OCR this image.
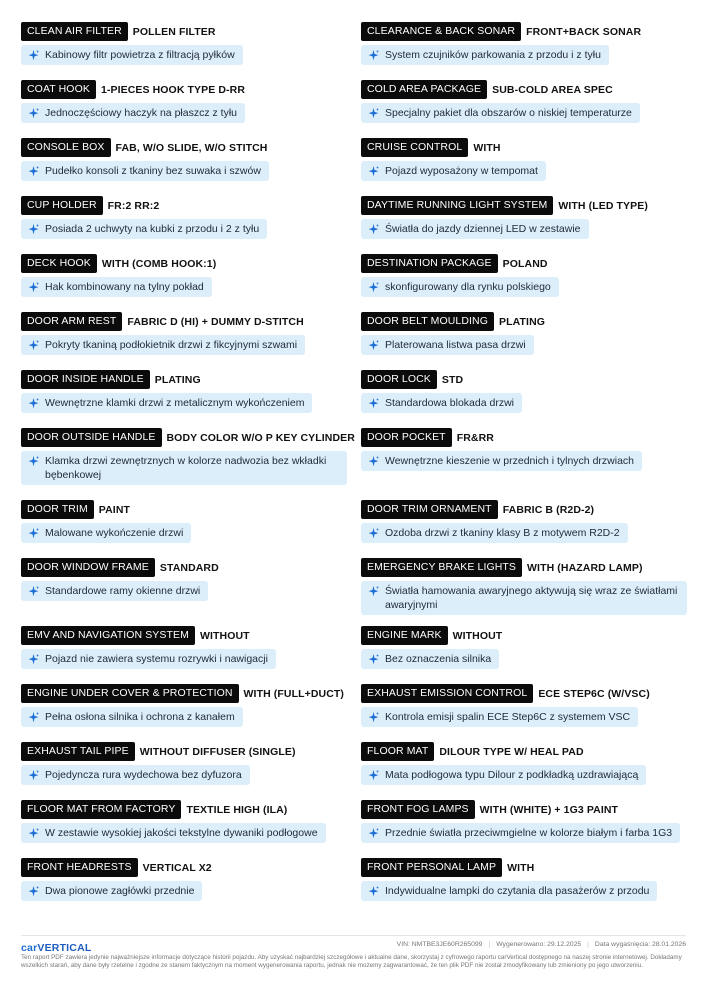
CLEAN AIR FILTER	POLLEN FILTER
Kabinowy filtr powietrza z filtracją pyłków
COAT HOOK	1-PIECES HOOK TYPE D-RR
Jednoczęściowy haczyk na płaszcz z tyłu
CONSOLE BOX	FAB, W/O SLIDE, W/O STITCH
Pudełko konsoli z tkaniny bez suwaka i szwów
CUP HOLDER	FR:2 RR:2
Posiada 2 uchwyty na kubki z przodu i 2 z tyłu
DECK HOOK	WITH (COMB HOOK:1)
Hak kombinowany na tylny pokład
DOOR ARM REST	FABRIC D (HI) + DUMMY D-STITCH
Pokryty tkaniną podłokietnik drzwi z fikcyjnymi szwami
DOOR INSIDE HANDLE	PLATING
Wewnętrzne klamki drzwi z metalicznym wykończeniem
DOOR OUTSIDE HANDLE	BODY COLOR W/O P KEY CYLINDER
Klamka drzwi zewnętrznych w kolorze nadwozia bez wkładki bębenkowej
DOOR TRIM	PAINT
Malowane wykończenie drzwi
DOOR WINDOW FRAME	STANDARD
Standardowe ramy okienne drzwi
EMV AND NAVIGATION SYSTEM	WITHOUT
Pojazd nie zawiera systemu rozrywki i nawigacji
ENGINE UNDER COVER & PROTECTION	WITH (FULL+DUCT)
Pełna osłona silnika i ochrona z kanałem
EXHAUST TAIL PIPE	WITHOUT DIFFUSER (SINGLE)
Pojedyncza rura wydechowa bez dyfuzora
FLOOR MAT FROM FACTORY	TEXTILE HIGH (ILA)
W zestawie wysokiej jakości tekstylne dywaniki podłogowe
FRONT HEADRESTS	VERTICAL X2
Dwa pionowe zagłówki przednie
CLEARANCE & BACK SONAR	FRONT+BACK SONAR
System czujników parkowania z przodu i z tyłu
COLD AREA PACKAGE	SUB-COLD AREA SPEC
Specjalny pakiet dla obszarów o niskiej temperaturze
CRUISE CONTROL	WITH
Pojazd wyposażony w tempomat
DAYTIME RUNNING LIGHT SYSTEM	WITH (LED TYPE)
Światła do jazdy dziennej LED w zestawie
DESTINATION PACKAGE	POLAND
skonfigurowany dla rynku polskiego
DOOR BELT MOULDING	PLATING
Platerowana listwa pasa drzwi
DOOR LOCK	STD
Standardowa blokada drzwi
DOOR POCKET	FR&RR
Wewnętrzne kieszenie w przednich i tylnych drzwiach
DOOR TRIM ORNAMENT	FABRIC B (R2D-2)
Ozdoba drzwi z tkaniny klasy B z motywem R2D-2
EMERGENCY BRAKE LIGHTS	WITH (HAZARD LAMP)
Światła hamowania awaryjnego aktywują się wraz ze światłami awaryjnymi
ENGINE MARK	WITHOUT
Bez oznaczenia silnika
EXHAUST EMISSION CONTROL	ECE STEP6C (W/VSC)
Kontrola emisji spalin ECE Step6C z systemem VSC
FLOOR MAT	DILOUR TYPE W/ HEAL PAD
Mata podłogowa typu Dilour z podkładką uzdrawiającą
FRONT FOG LAMPS	WITH (WHITE) + 1G3 PAINT
Przednie światła przeciwmgielne w kolorze białym i farba 1G3
FRONT PERSONAL LAMP	WITH
Indywidualne lampki do czytania dla pasażerów z przodu
carVERTICAL	VIN: NMTBE3JE60R265099 | Wygenerowano: 29.12.2025 | Data wygaśnięcia: 28.01.2026
Ten raport PDF zawiera jedynie najważniejsze informacje dotyczące historii pojazdu. Aby uzyskać najbardziej szczegółowe i aktualne dane, skorzystaj z cyfrowego raportu carVertical dostępnego na naszej stronie internetowej. Dokładamy wszelkich starań, aby dane były rzetelne i zgodne ze stanem faktycznym na moment wygenerowania raportu, jednak nie możemy zagwarantować, że ten plik PDF nie został zmodyfikowany lub zmieniony po jego utworzeniu.
